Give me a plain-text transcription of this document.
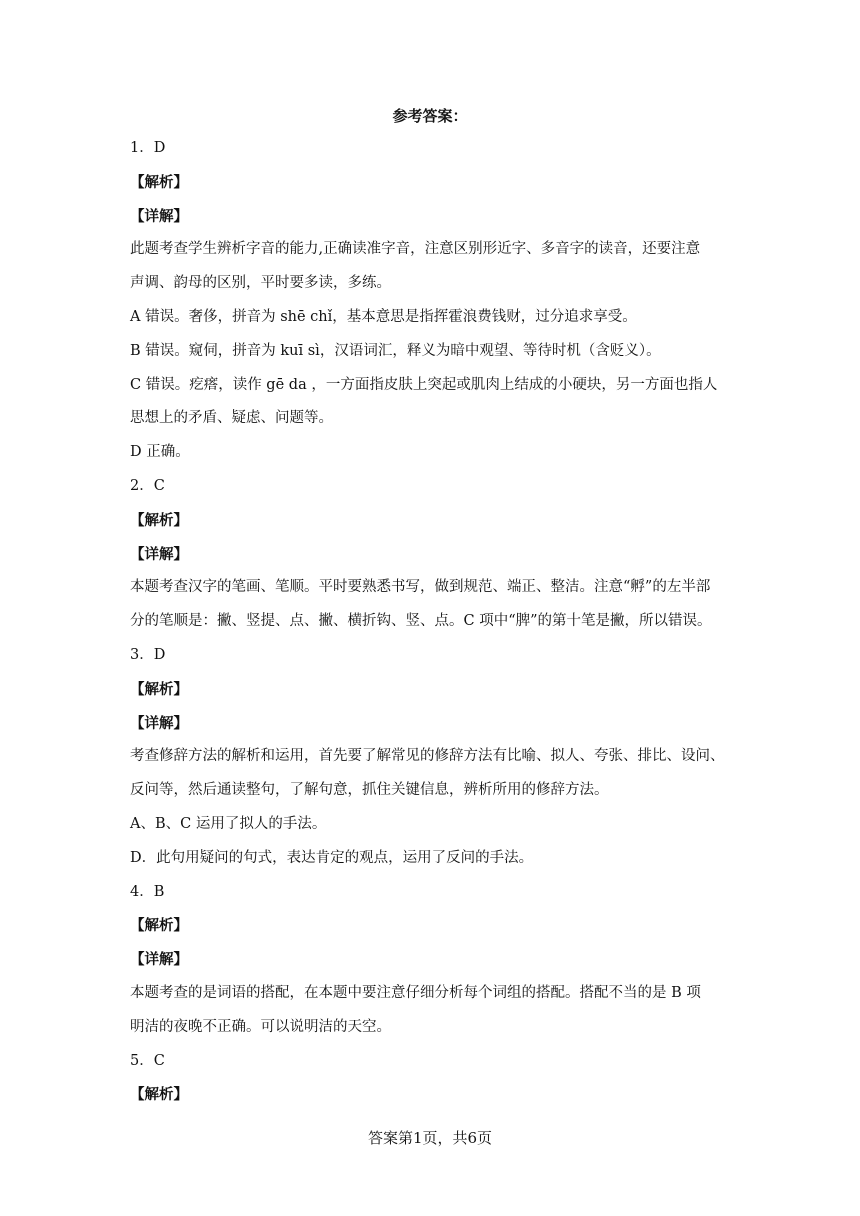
参考答案：
1．D
【解析】
【详解】
此题考查学生辨析字音的能力,正确读准字音，注意区别形近字、多音字的读音，还要注意
声调、韵母的区别，平时要多读，多练。
A 错误。奢侈，拼音为 shē chǐ，基本意思是指挥霍浪费钱财，过分追求享受。
B 错误。窥伺，拼音为 kuī sì，汉语词汇，释义为暗中观望、等待时机（含贬义）。
C 错误。疙瘩，读作 gē da ，一方面指皮肤上突起或肌肉上结成的小硬块，另一方面也指人
思想上的矛盾、疑虑、问题等。
D 正确。
2．C
【解析】
【详解】
本题考查汉字的笔画、笔顺。平时要熟悉书写，做到规范、端正、整洁。注意“孵”的左半部
分的笔顺是：撇、竖提、点、撇、横折钩、竖、点。C 项中“脾”的第十笔是撇，所以错误。
3．D
【解析】
【详解】
考查修辞方法的解析和运用，首先要了解常见的修辞方法有比喻、拟人、夸张、排比、设问、
反问等，然后通读整句，了解句意，抓住关键信息，辨析所用的修辞方法。
A、B、C 运用了拟人的手法。
D．此句用疑问的句式，表达肯定的观点，运用了反问的手法。
4．B
【解析】
【详解】
本题考查的是词语的搭配，在本题中要注意仔细分析每个词组的搭配。搭配不当的是 B 项
明洁的夜晚不正确。可以说明洁的天空。
5．C
【解析】
答案第1页，共6页
